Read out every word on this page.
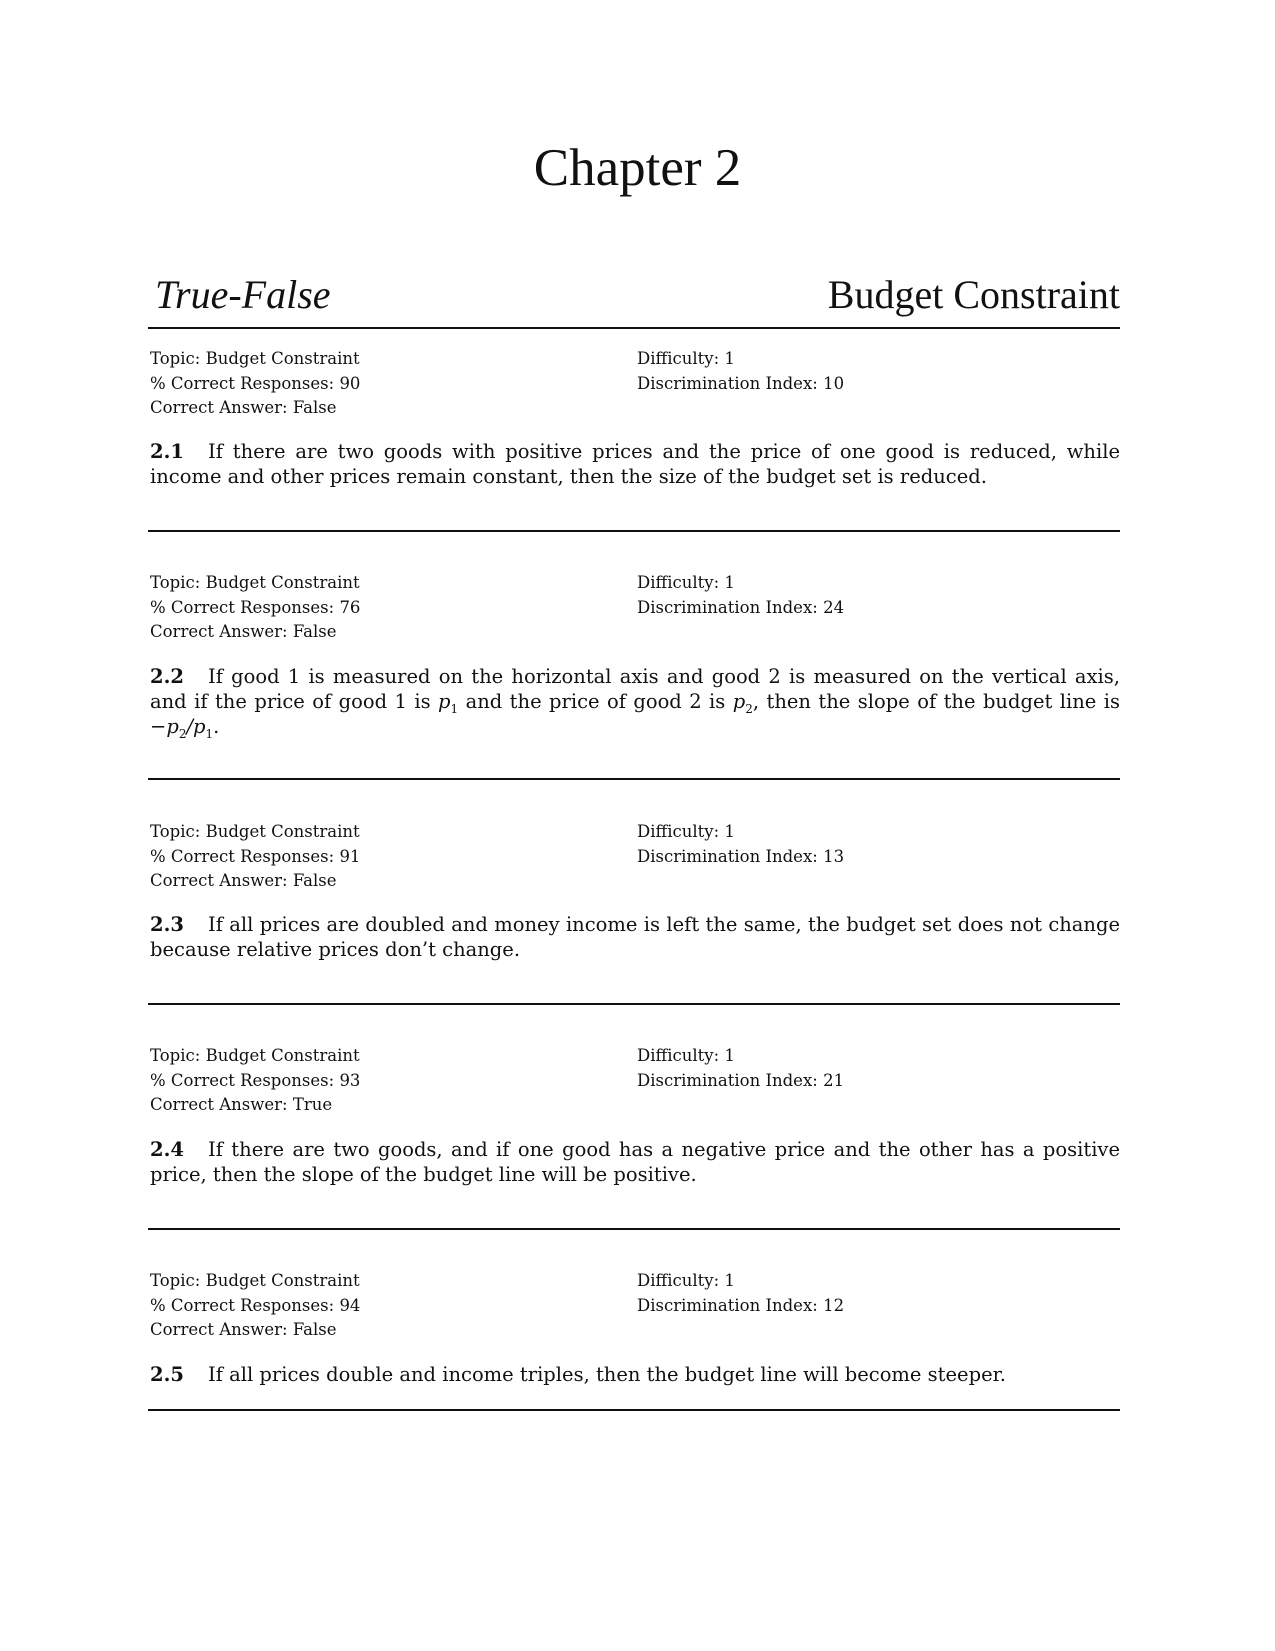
Chapter 2
True-False	Budget Constraint
Topic: Budget Constraint
% Correct Responses: 90
Correct Answer: False
Difficulty: 1
Discrimination Index: 10

2.1 If there are two goods with positive prices and the price of one good is reduced, while income and other prices remain constant, then the size of the budget set is reduced.

Topic: Budget Constraint
% Correct Responses: 76
Correct Answer: False
Difficulty: 1
Discrimination Index: 24

2.2 If good 1 is measured on the horizontal axis and good 2 is measured on the vertical axis, and if the price of good 1 is $p_1$ and the price of good 2 is $p_2$, then the slope of the budget line is $-p_2/p_1$.

Topic: Budget Constraint
% Correct Responses: 91
Correct Answer: False
Difficulty: 1
Discrimination Index: 13

2.3 If all prices are doubled and money income is left the same, the budget set does not change because relative prices don’t change.

Topic: Budget Constraint
% Correct Responses: 93
Correct Answer: True
Difficulty: 1
Discrimination Index: 21

2.4 If there are two goods, and if one good has a negative price and the other has a positive price, then the slope of the budget line will be positive.

Topic: Budget Constraint
% Correct Responses: 94
Correct Answer: False
Difficulty: 1
Discrimination Index: 12

2.5 If all prices double and income triples, then the budget line will become steeper.
